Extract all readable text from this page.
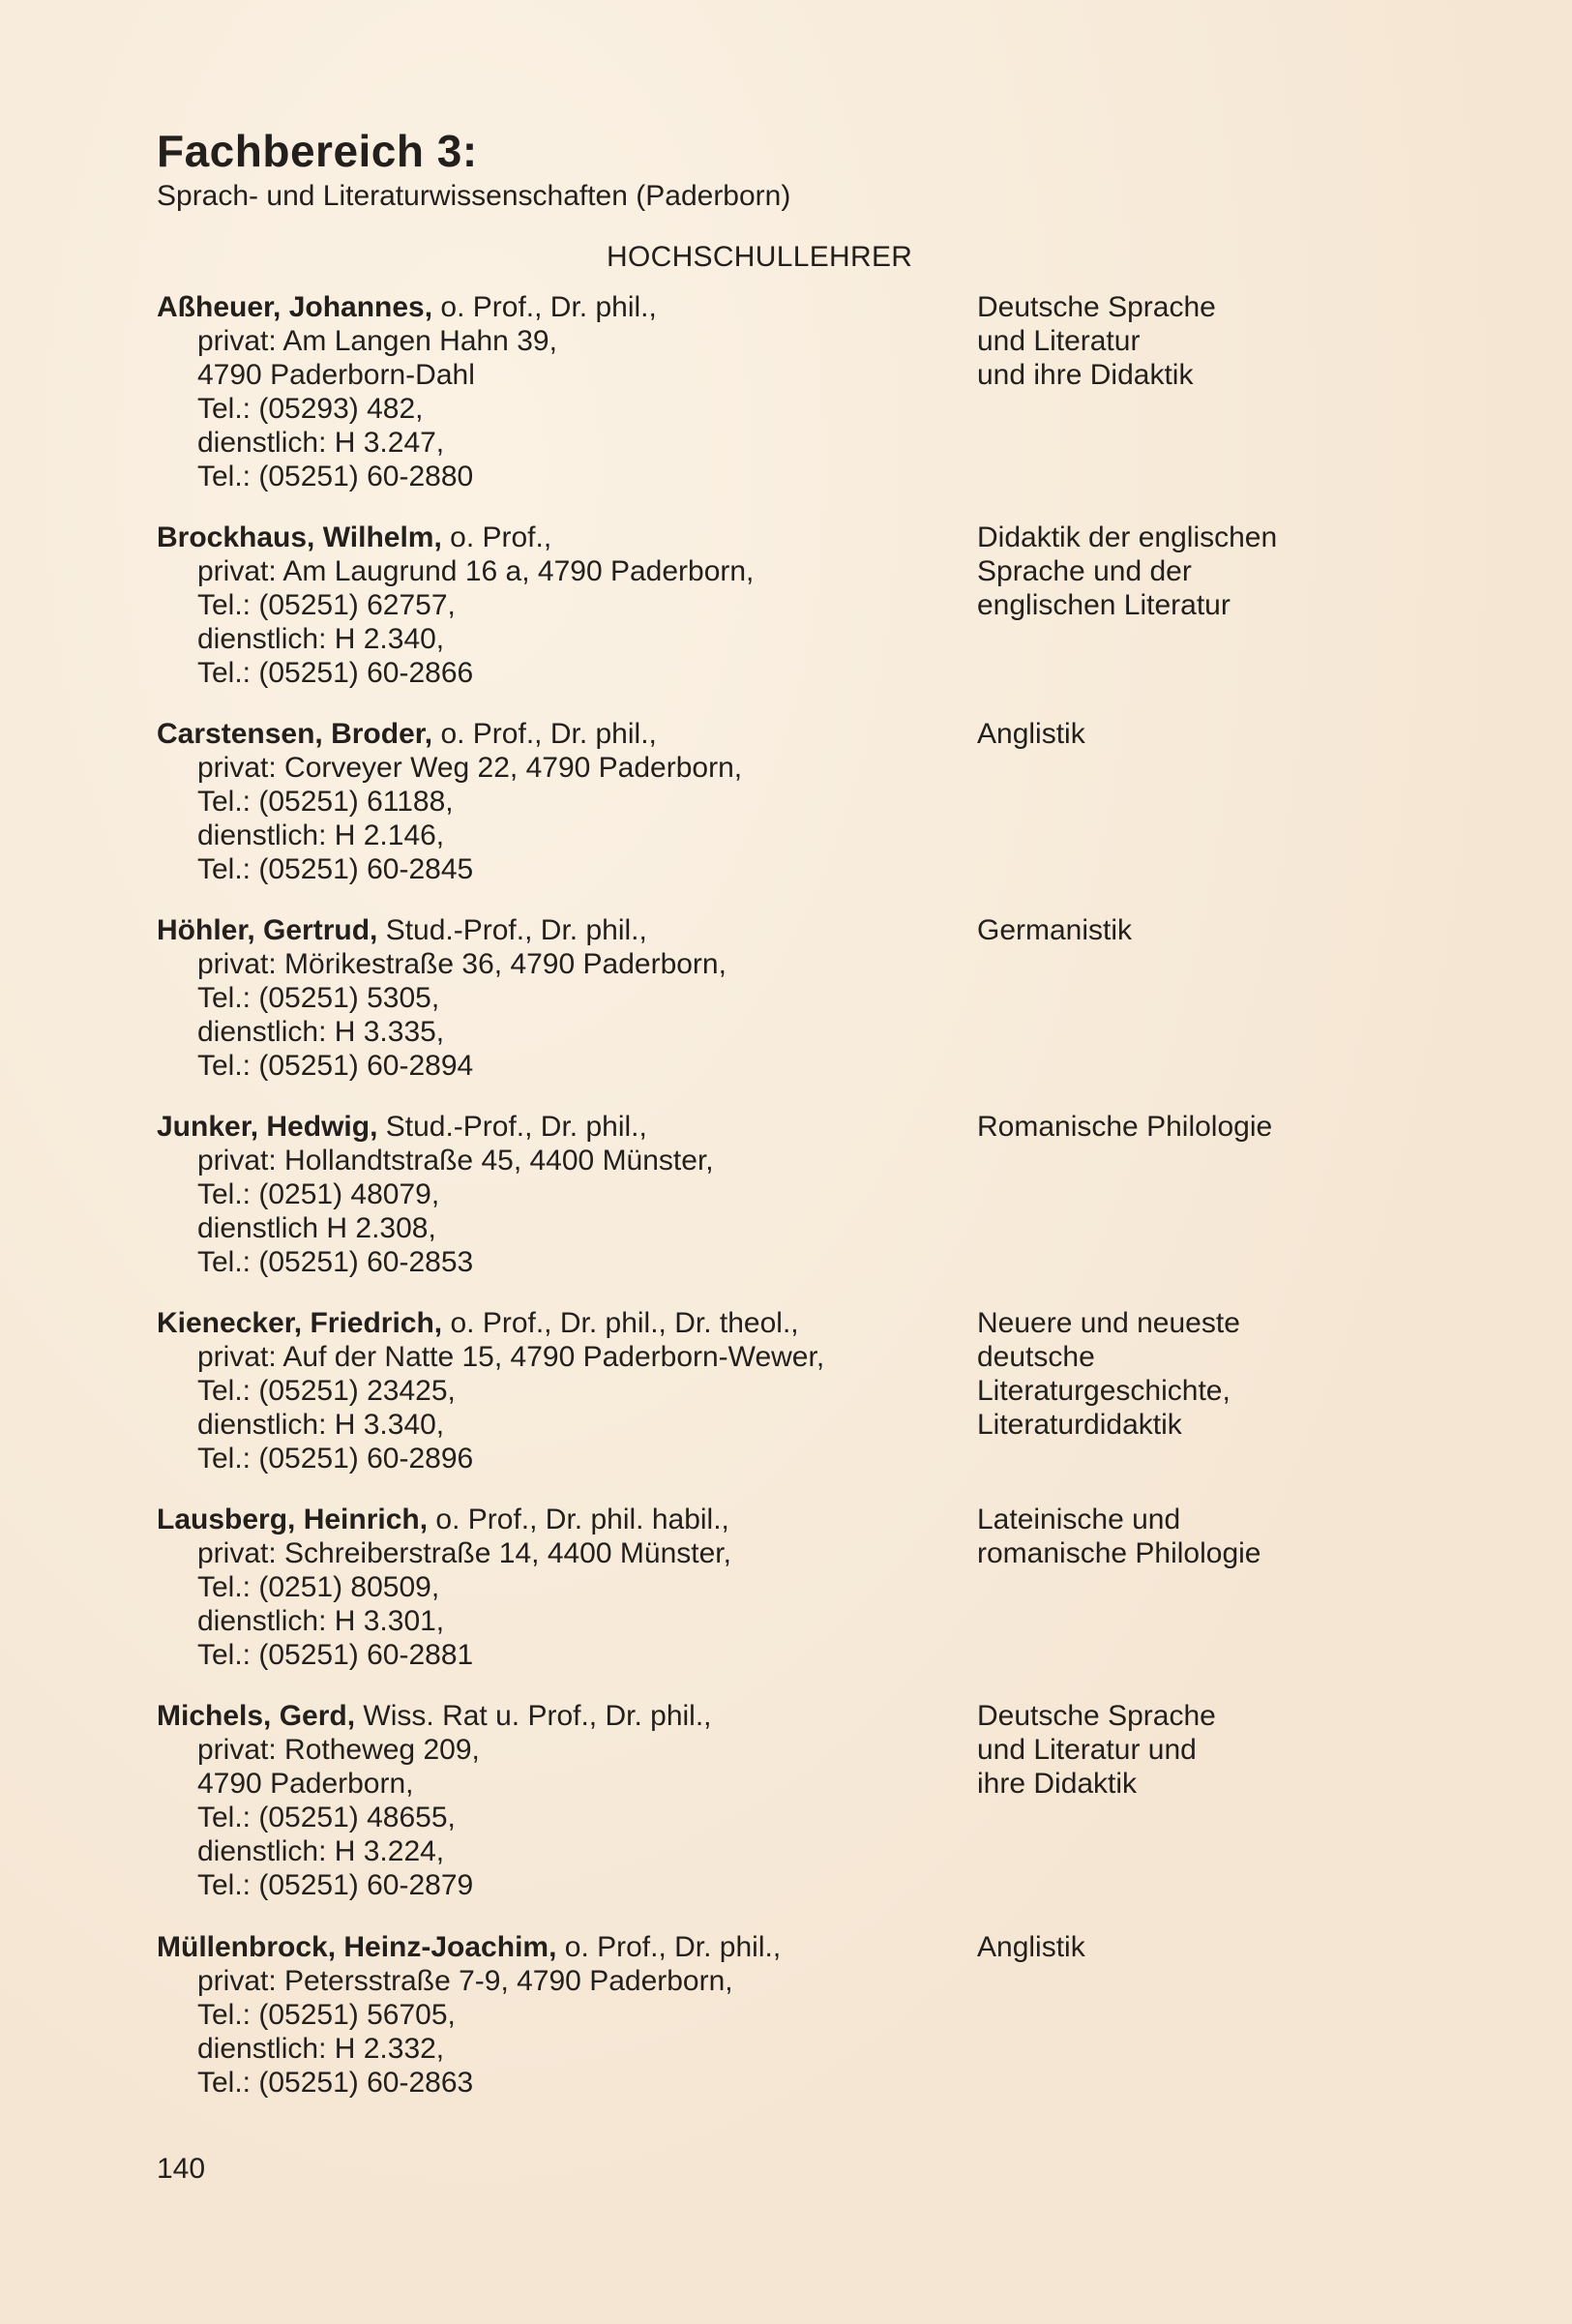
Fachbereich 3:

Sprach- und Literaturwissenschaften (Paderborn)

HOCHSCHULLEHRER
Aßheuer, Johannes, o. Prof., Dr. phil.,
privat: Am Langen Hahn 39,
4790 Paderborn-Dahl
Tel.: (05293) 482,
dienstlich: H 3.247,
Tel.: (05251) 60-2880
Deutsche Sprache
und Literatur
und ihre Didaktik
Brockhaus, Wilhelm, o. Prof.,
privat: Am Laugrund 16 a, 4790 Paderborn,
Tel.: (05251) 62757,
dienstlich: H 2.340,
Tel.: (05251) 60-2866
Didaktik der englischen
Sprache und der
englischen Literatur
Carstensen, Broder, o. Prof., Dr. phil.,
privat: Corveyer Weg 22, 4790 Paderborn,
Tel.: (05251) 61188,
dienstlich: H 2.146,
Tel.: (05251) 60-2845
Anglistik
Höhler, Gertrud, Stud.-Prof., Dr. phil.,
privat: Mörikestraße 36, 4790 Paderborn,
Tel.: (05251) 5305,
dienstlich: H 3.335,
Tel.: (05251) 60-2894
Germanistik
Junker, Hedwig, Stud.-Prof., Dr. phil.,
privat: Hollandtstraße 45, 4400 Münster,
Tel.: (0251) 48079,
dienstlich H 2.308,
Tel.: (05251) 60-2853
Romanische Philologie
Kienecker, Friedrich, o. Prof., Dr. phil., Dr. theol.,
privat: Auf der Natte 15, 4790 Paderborn-Wewer,
Tel.: (05251) 23425,
dienstlich: H 3.340,
Tel.: (05251) 60-2896
Neuere und neueste
deutsche
Literaturgeschichte,
Literaturdidaktik
Lausberg, Heinrich, o. Prof., Dr. phil. habil.,
privat: Schreiberstraße 14, 4400 Münster,
Tel.: (0251) 80509,
dienstlich: H 3.301,
Tel.: (05251) 60-2881
Lateinische und
romanische Philologie
Michels, Gerd, Wiss. Rat u. Prof., Dr. phil.,
privat: Rotheweg 209,
4790 Paderborn,
Tel.: (05251) 48655,
dienstlich: H 3.224,
Tel.: (05251) 60-2879
Deutsche Sprache
und Literatur und
ihre Didaktik
Müllenbrock, Heinz-Joachim, o. Prof., Dr. phil.,
privat: Petersstraße 7-9, 4790 Paderborn,
Tel.: (05251) 56705,
dienstlich: H 2.332,
Tel.: (05251) 60-2863
Anglistik
140
